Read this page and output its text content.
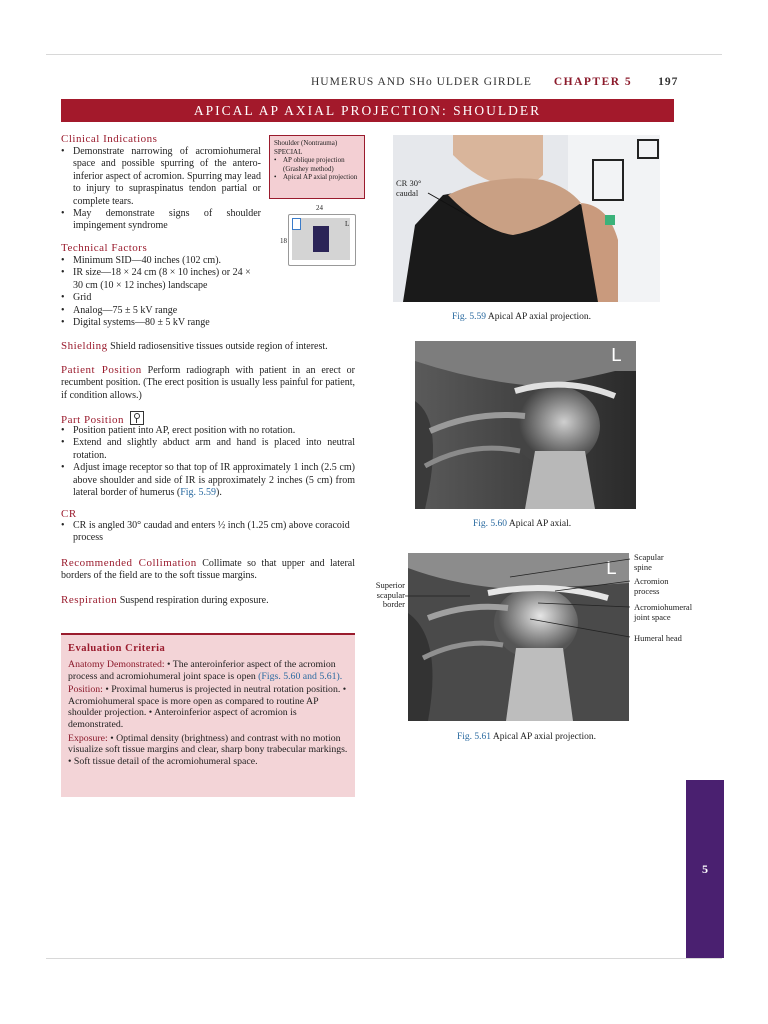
HUMERUS AND SHo ULDER GIRDLE CHAPTER 5 197
APICAL AP AXIAL PROJECTION: SHOULDER
Clinical Indications
• Demonstrate narrowing of acromiohumeral space and possible spurring of the antero-inferior aspect of acromion. Spurring may lead to injury to supraspinatus tendon partial or complete tears.
• May demonstrate signs of shoulder impingement syndrome
Shoulder (Nontrauma)
SPECIAL
• AP oblique projection (Grashey method)
• Apical AP axial projection
24
18
L
Technical Factors
• Minimum SID—40 inches (102 cm).
• IR size—18 × 24 cm (8 × 10 inches) or 24 × 30 cm (10 × 12 inches) landscape
• Grid
• Analog—75 ± 5 kV range
• Digital systems—80 ± 5 kV range
Shielding Shield radiosensitive tissues outside region of interest.
Patient Position Perform radiograph with patient in an erect or recumbent position. (The erect position is usually less painful for patient, if condition allows.)
Part Position
• Position patient into AP, erect position with no rotation.
• Extend and slightly abduct arm and hand is placed into neutral rotation.
• Adjust image receptor so that top of IR approximately 1 inch (2.5 cm) above shoulder and side of IR is approximately 2 inches (5 cm) from lateral border of humerus (Fig. 5.59).
CR
• CR is angled 30° caudad and enters ½ inch (1.25 cm) above coracoid process
Recommended Collimation Collimate so that upper and lateral borders of the field are to the soft tissue margins.
Respiration Suspend respiration during exposure.
Evaluation Criteria
Anatomy Demonstrated: • The anteroinferior aspect of the acromion process and acromiohumeral joint space is open (Figs. 5.60 and 5.61).
Position: • Proximal humerus is projected in neutral rotation position. • Acromiohumeral space is more open as compared to routine AP shoulder projection. • Anteroinferior aspect of acromion is demonstrated.
Exposure: • Optimal density (brightness) and contrast with no motion visualize soft tissue margins and clear, sharp bony trabecular markings. • Soft tissue detail of the acromiohumeral space.
CR 30° caudal
Fig. 5.59 Apical AP axial projection.
L
Fig. 5.60 Apical AP axial.
L
Superior scapular border
Scapular spine
Acromion process
Acromiohumeral joint space
Humeral head
Fig. 5.61 Apical AP axial projection.
5
